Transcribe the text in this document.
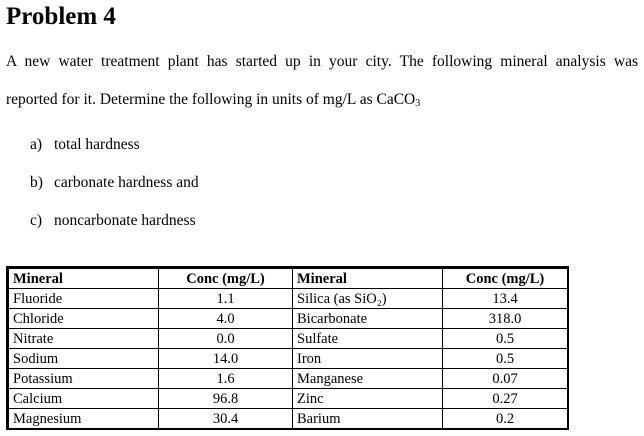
Problem 4
A new water treatment plant has started up in your city. The following mineral analysis was
reported for it. Determine the following in units of mg/L as CaCO$_3$
a) total hardness
b) carbonate hardness and
c) noncarbonate hardness
Mineral	Conc (mg/L)	Mineral	Conc (mg/L)
Fluoride	1.1	Silica (as SiO₂)	13.4
Chloride	4.0	Bicarbonate	318.0
Nitrate	0.0	Sulfate	0.5
Sodium	14.0	Iron	0.5
Potassium	1.6	Manganese	0.07
Calcium	96.8	Zinc	0.27
Magnesium	30.4	Barium	0.2
